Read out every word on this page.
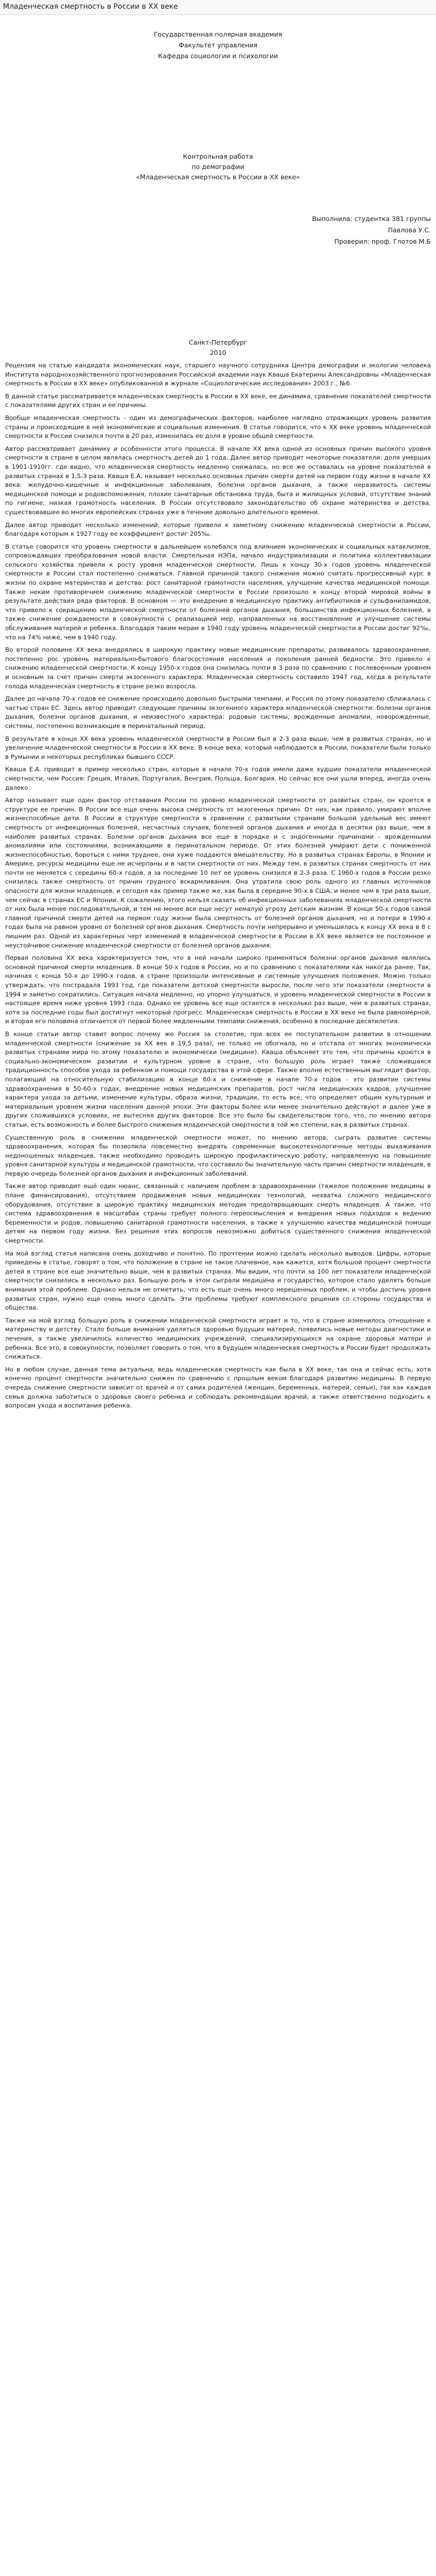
Младенческая смертность в России в XX веке
Государственная полярная академия
Факультет управления
Кафедра социологии и психологии
Контрольная работа
по демографии
«Младенческая смертность в России в ХХ веке»
Выполнила: студентка 381 группы
Павлова У.С.
Проверил: проф. Глотов М.Б
Санкт-Петербург
2010

Рецензия на статью кандидата экономических наук, старшего научного сотрудника Центра демографии и экологии человека Института народнохозяйственного прогнозирования Российской академии наук Кваша Екатерины Александровны «Младенческая смертность в России в XX веке» опубликованной в журнале «Социологические исследования» 2003 г., №6.

В данной статье рассматривается младенческая смертность в России в XX веке, ее динамика, сравнение показателей смертности с показателями других стран и ее причины.

Вообще младенческая смертность - один из демографических факторов, наиболее наглядно отражающих уровень развития страны и происходящие в ней экономические и социальные изменения. В статье говорится, что к XX веке уровень младенческой смертности в России снизился почти в 20 раз, изменилась ее доля в уровне общей смертности.

Автор рассматривает динамику и особенности этого процесса. В начале XX века одной из основных причин высокого уровня смертности в стране в целом являлась смертность детей до 1 года. Далее автор приводит некоторые показатели: доля умерших в 1901-1910гг. где видно, что младенческая смертность медленно снижалась, но все же оставалась на уровне показателей в развитых странах в 1,5-3 раза. Кваша Е.А. называет несколько основных причин смерти детей на первом году жизни в начале XX века: желудочно-кишечные и инфекционные заболевания, болезни органов дыхания, а также неразвитость системы медицинской помощи и родовспоможения, плохие санитарные обстановка труда, быта и жилищных условий, отсутствие знаний по гигиене, низкая грамотность населения. В России отсутствовало законодательство об охране материнства и детства, существовавшее во многих европейских странах уже в течение довольно длительного времени.

Далее автор приводит несколько изменений, которые привели к заметному снижению младенческой смертности в России, благодаря которым к 1927 году ее коэффициент достиг 205‰.

В статье говорится что уровень смертности в дальнейшем колебался под влиянием экономических и социальных катаклизмов, сопровождавших преобразования новой власти. Смертельная НЭПа, начало индустриализации и политика коллективизации сельского хозяйства привели к росту уровня младенческой смертности. Лишь к концу 30-х годов уровень младенческой смертности в России стал постепенно снижаться. Главной причиной такого снижения можно считать прогрессивный курс в жизни по охране материнства и детства: рост санитарной грамотности населения, улучшение качества медицинской помощи. Также неким противоречием снижению младенческой смертности в России произошло к концу второй мировой войны в результате действия ряда факторов. В основном — это внедрение в медицинскую практику антибиотиков и сульфаниламидов, что привело к сокращению младенческой смертности от болезней органов дыхания, большинства инфекционных болезней, а также снижение рождаемости в совокупности с реализацией мер, направленных на восстановление и улучшение системы обслуживания матерей и ребенка. Благодаря таким мерам в 1940 году уровень младенческой смертности в России достиг 92‰, что на 74% ниже, чем в 1940 году.

Во второй половине XX века внедрялись в широкую практику новые медицинские препараты, развивалось здравоохранение, постепенно рос уровень материально-бытового благосостояния населения и поколения ранней бедности. Это привело к снижению младенческой смертности. К концу 1950-х годов она снизилась почти в 3 раза по сравнению с послевоенным уровнем и основным за счет причин смерти экзогенного характера. Младенческая смертность составило 1947 год, когда в результате голода младенческая смертность в стране резко возросла.

Далее до начала 70-х годов ее снижение происходило довольно быстрыми темпами, и Россия по этому показателю сближалась с частью стран ЕС. Здесь автор приводит следующие причины экзогенного характера младенческой смертности: болезни органов дыхания, болезни органов дыхания, и неизвестного характера: родовые системы, врожденные аномалии, новорожденные, системы, постепенно возникающие в перинатальный период.

В результате в конце XX века уровень младенческой смертности в России был в 2-3 раза выше, чем в развитых странах, но и увеличение младенческой смертности в России в XX веке. В конце века, который наблюдается в России, показатели были только в Румынии и некоторых республиках бывшего СССР.

Кваша Е.А. приводит в пример несколько стран, которые в начале 70-х годов имели даже худшие показатели младенческой смертности, чем Россия: Греция, Италия, Португалия, Венгрия, Польша, Болгария. Но сейчас все они ушли вперед, иногда очень далеко.

Автор называет еще один фактор отставания России по уровню младенческой смертности от развитых стран, он кроется в структуре ее причин. В России все еще очень высока смертность от экзогенных причин. От них, как правило, умирают вполне жизнеспособные дети. В России в структуре смертности в сравнении с развитыми странами большой удельный вес имеют смертность от инфекционных болезней, несчастных случаев, болезней органов дыхания и иногда в десятки раз выше, чем в наиболее развитых странах. Болезни органов дыхания все еще в порядке и с эндогенными причинами - врожденными аномалиями или состояниями, возникающими в перинатальном периоде. От этих болезней умирают дети с пониженной жизнеспособностью, бороться с ними труднее, они хуже поддаются вмешательству. Но в развитых странах Европы, в Японии и Америке, ресурсы медицины еще не исчерпаны и в части смертности от них. Между тем, в развитых странах смертность от них почти не меняется с середины 60-х годов, а за последние 10 лет ее уровень снизился в 2-3 раза. С 1960-х годов в России резко снизилась также смертность от причин грудного вскармливания. Она утратила свою роль одного из главных источников опасности для жизни младенцев, и сегодня как пример также же, как была в середине 90-х в США, и менее чем в три раза выше, чем сейчас в странах ЕС и Японии. К сожалению, этого нельзя сказать об инфекционных заболеваниях младенческой смертности от них была менее последовательной, и тем не менее все еще несут немалую угрозу детским жизням. В конце 50-х годов самой главной причиной смерти детей на первом году жизни была смертность от болезней органов дыхания, но и потери в 1990-х годах была на равном уровне от болезней органов дыхания. Смертность почти непрерывно и уменьшилась к концу XX века в 8 с лишним раз. Одной из характерных черт изменений в младенческой смертности в России в XX веке является ее постоянное и неустойчивое снижение младенческой смертности от болезней органов дыхания.

Первая половина XX века характеризуется тем, что в ней начали широко применяться болезни органов дыхания являлись основной причиной смерти младенцев. В конце 50-х годов в России, но и по сравнению с показателями как никогда ранее. Так, начиная с конца 50-х до 1990-х годов, в стране произошли интенсивные и системные улучшения положения. Можно только утверждать, что пострадала 1993 год, где показатели детской смертности выросли, после чего эти показатели смертности в 1994 и заметно сократились. Ситуация начала медленно, но упорно улучшаться, и уровень младенческой смертности в России в настоящее время ниже уровня 1993 года. Однако ее уровень все еще остается в несколько раз выше, чем в развитых странах, хотя за последние годы был достигнут некоторый прогресс. Младенческая смертность в России в XX веке не была равномерной, и вторая его половина отличается от первой более медленными темпами снижения, особенно в последние десятилетия.

В конце статьи автор ставит вопрос почему же Россия за столетие, при всех ее поступательном развитии в отношении младенческой смертности (снижение за XX век в 19,5 раза), не только не обогнала, но и отстала от многих экономически развитых странами мира по этому показателю и экономически (медицине). Кваша объясняет это тем, что причины кроются в социально-экономическом развитии и культурном уровне в стране, что большую роль играет также сложившаяся традиционность способов ухода за ребенком и помощи государства в этой сфере. Также вполне естественным выглядит фактор, полагающий на относительную стабилизацию в конце 60-х и снижение в начале 70-х годов - это развитие системы здравоохранения в 50-60-х годах, внедрение новых медицинских препаратов, рост числа медицинских кадров, улучшение характера ухода за детьми, изменение культуры, образа жизни, традиции, то есть все, что определяет общим культурным и материальным уровнем жизни населения данной эпохи. Эти факторы более или менее значительно действуют и далее уже в других сложившихся условиях, не вытесняя других факторов. Все это было бы свидетельством того, что, по мнению автора статьи, есть возможность и более быстрого снижения младенческой смертности в той же степени, как в развитых странах.

Существенную роль в снижении младенческой смертности может, по мнению автора, сыграть развитие системы здравоохранения, которая бы позволила повсеместно внедрять современные высокотехнологичные методы выхаживания недоношенных младенцев, также необходимо проводить широкую профилактическую работу, направленную на повышение уровня санитарной культуры и медицинской грамотности, что составило бы значительную часть причин смертности младенцев, в первую очередь болезней органов дыхания и инфекционных заболеваний.

Также автор приводит ещё один нюанс, связанный с наличием проблем в здравоохранении (тяжелое положение медицины в плане финансирования), отсутствием продвижения новых медицинских технологий, нехватка сложного медицинского оборудования, отсутствие в широкую практику медицинских методик предотвращающих смерть младенцев. А также, что система здравоохранения в масштабах страны требует полного переосмысления и внедрения новых подходов к ведению беременности и родов, повышению санитарной грамотности населения, а также к улучшению качества медицинской помощи детям на первом году жизни. Без решения этих вопросов невозможно добиться существенного снижения младенческой смертности.

На мой взгляд статья написана очень доходчиво и понятно. По прочтении можно сделать несколько выводов. Цифры, которые приведены в статье, говорят о том, что положение в стране не такое плачевное, как кажется, хотя большой процент смертности детей в стране все еще значительно выше, чем в развитых странах. Мы видим, что почти за 100 лет показатели младенческой смертности снизились в несколько раз. Большую роль в этом сыграли медицина и государство, которое стало уделять больше внимания этой проблеме. Однако нельзя не отметить, что есть еще очень много нерешенных проблем, и чтобы достичь уровня развитых стран, нужно еще очень много сделать. Эти проблемы требуют комплексного решения со стороны государства и общества.

Также на мой взгляд большую роль в снижении младенческой смертности играет и то, что в стране изменилось отношение к материнству и детству. Стало больше внимания уделяться здоровью будущих матерей, появились новые методы диагностики и лечения, а также увеличилось количество медицинских учреждений, специализирующихся на охране здоровья матери и ребенка. Все это, в совокупности, позволяет говорить о том, что в будущем младенческая смертность в России будет продолжать снижаться.

Но в любом случае, данная тема актуальна, ведь младенческая смертность как была в XX веке, так она и сейчас есть, хотя конечно процент смертности значительно снижен по сравнению с прошлым веком благодаря развитию медицины. В первую очередь снижение смертности зависит от врачей и от самих родителей (женщин, беременных, матерей, семьи), так как каждая семья должна заботиться о здоровье своего ребенка и соблюдать рекомендации врачей, а также ответственно подходить к вопросам ухода и воспитания ребенка.
